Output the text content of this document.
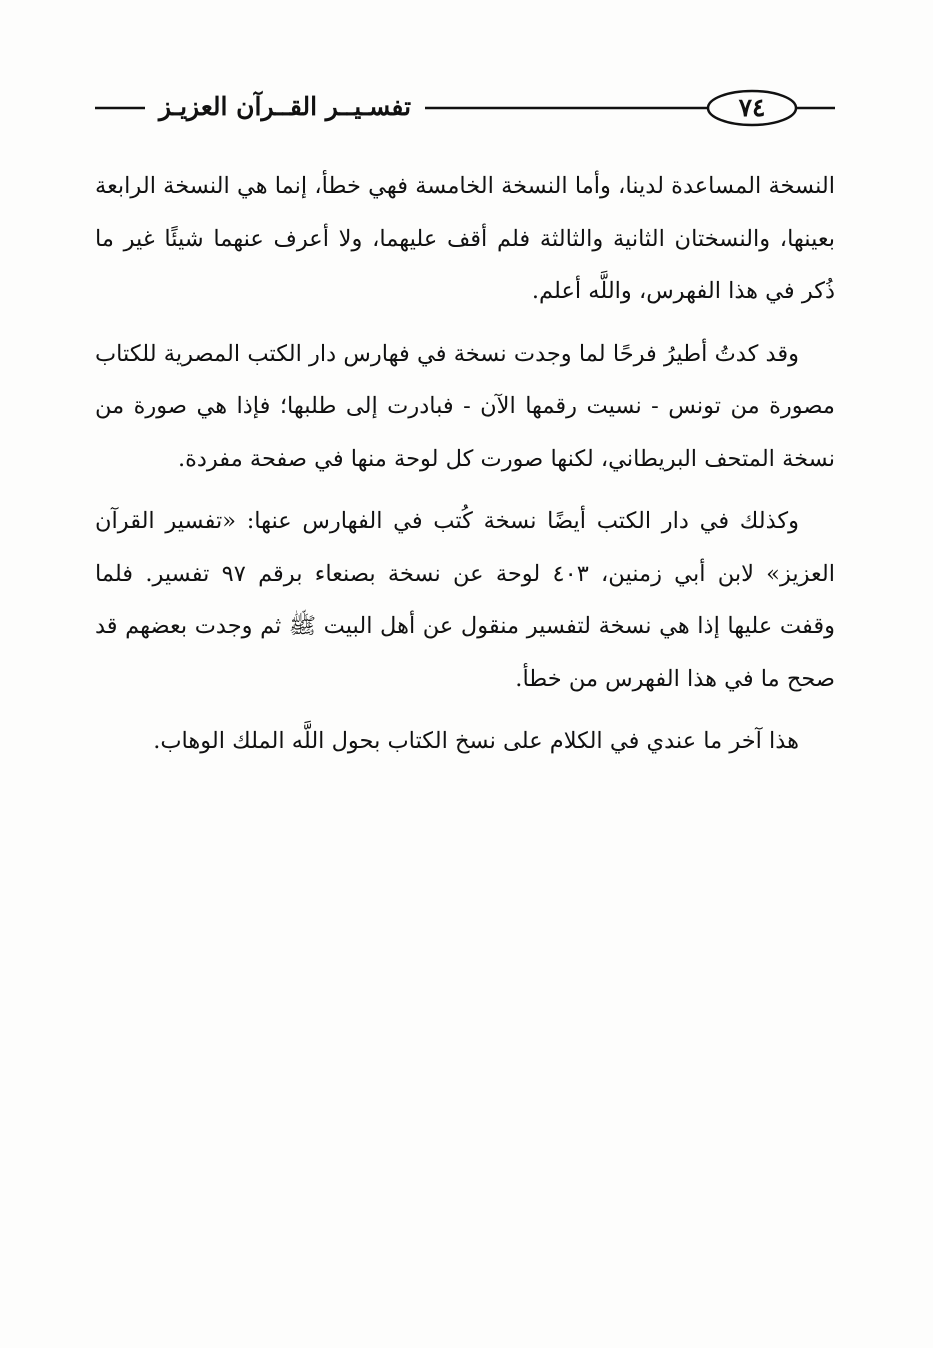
تفسـيــر القــرآن العزيـز	٧٤

النسخة المساعدة لدينا، وأما النسخة الخامسة فهي خطأ، إنما هي النسخة الرابعة بعينها، والنسختان الثانية والثالثة فلم أقف عليهما، ولا أعرف عنهما شيئًا غير ما ذُكر في هذا الفهرس، واللَّه أعلم.

وقد كدتُ أطيرُ فرحًا لما وجدت نسخة في فهارس دار الكتب المصرية للكتاب مصورة من تونس - نسيت رقمها الآن - فبادرت إلى طلبها؛ فإذا هي صورة من نسخة المتحف البريطاني، لكنها صورت كل لوحة منها في صفحة مفردة.

وكذلك في دار الكتب أيضًا نسخة كُتب في الفهارس عنها: «تفسير القرآن العزيز» لابن أبي زمنين، ٤٠٣ لوحة عن نسخة بصنعاء برقم ٩٧ تفسير. فلما وقفت عليها إذا هي نسخة لتفسير منقول عن أهل البيت ﷺ ثم وجدت بعضهم قد صحح ما في هذا الفهرس من خطأ.

هذا آخر ما عندي في الكلام على نسخ الكتاب بحول اللَّه الملك الوهاب.
